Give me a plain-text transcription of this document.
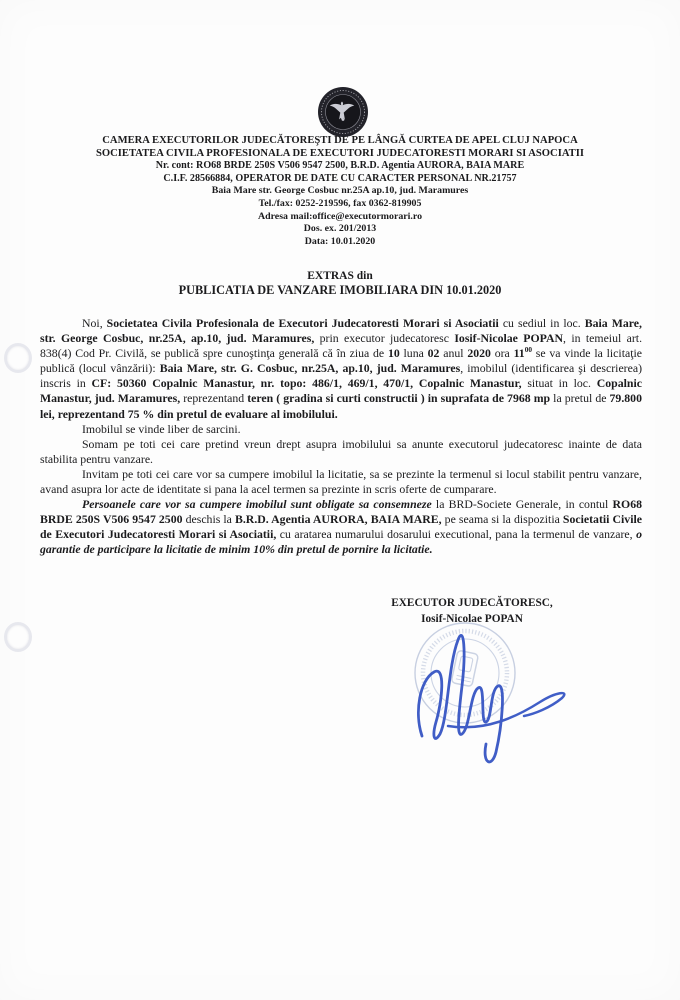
CAMERA EXECUTORILOR JUDECĂTOREŞTI DE PE LÂNGĂ CURTEA DE APEL CLUJ NAPOCA
SOCIETATEA CIVILA PROFESIONALA DE EXECUTORI JUDECATORESTI MORARI SI ASOCIATII
Nr. cont: RO68 BRDE 250S V506 9547 2500, B.R.D. Agentia AURORA, BAIA MARE
C.I.F. 28566884, OPERATOR DE DATE CU CARACTER PERSONAL NR.21757
Baia Mare str. George Cosbuc nr.25A ap.10, jud. Maramures
Tel./fax: 0252-219596, fax 0362-819905
Adresa mail:office@executormorari.ro
Dos. ex. 201/2013
Data: 10.01.2020
EXTRAS din
PUBLICATIA DE VANZARE IMOBILIARA DIN 10.01.2020

Noi, Societatea Civila Profesionala de Executori Judecatoresti Morari si Asociatii cu sediul in loc. Baia Mare, str. George Cosbuc, nr.25A, ap.10, jud. Maramures, prin executor judecatoresc Iosif-Nicolae POPAN, in temeiul art. 838(4) Cod Pr. Civilă, se publică spre cunoştinţa generală că în ziua de 10 luna 02 anul 2020 ora $11^{00}$ se va vinde la licitaţie publică (locul vânzării): Baia Mare, str. G. Cosbuc, nr.25A, ap.10, jud. Maramures, imobilul (identificarea şi descrierea) inscris in CF: 50360 Copalnic Manastur, nr. topo: 486/1, 469/1, 470/1, Copalnic Manastur, situat in loc. Copalnic Manastur, jud. Maramures, reprezentand teren ( gradina si curti constructii ) in suprafata de 7968 mp la pretul de 79.800 lei, reprezentand 75 % din pretul de evaluare al imobilului.

Imobilul se vinde liber de sarcini.

Somam pe toti cei care pretind vreun drept asupra imobilului sa anunte executorul judecatoresc inainte de data stabilita pentru vanzare.

Invitam pe toti cei care vor sa cumpere imobilul la licitatie, sa se prezinte la termenul si locul stabilit pentru vanzare, avand asupra lor acte de identitate si pana la acel termen sa prezinte in scris oferte de cumparare.

Persoanele care vor sa cumpere imobilul sunt obligate sa consemneze la BRD-Societe Generale, in contul RO68 BRDE 250S V506 9547 2500 deschis la B.R.D. Agentia AURORA, BAIA MARE, pe seama si la dispozitia Societatii Civile de Executori Judecatoresti Morari si Asociatii, cu aratarea numarului dosarului executional, pana la termenul de vanzare, o garantie de participare la licitatie de minim 10% din pretul de pornire la licitatie.

EXECUTOR JUDECĂTORESC,
Iosif-Nicolae POPAN
